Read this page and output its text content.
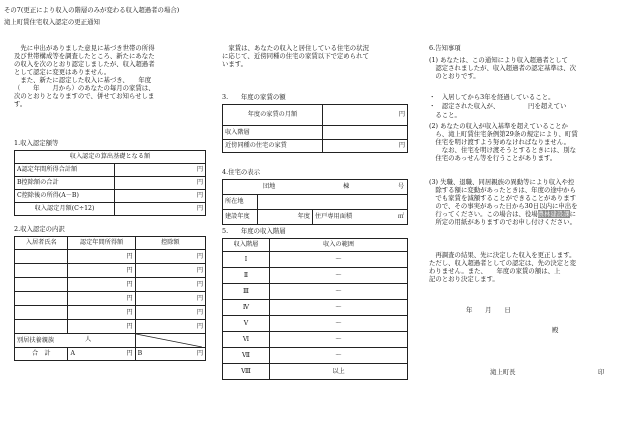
その7(更正により収入の階層のみが変わる収入超過者の場合)
滝上町賃住宅収入認定の更正通知
　先に申出がありました意見に基づき世帯の所得
及び世帯構成等を調査したところ、新たにあなた
の収入を次のとおり認定しましたが、収入超過者
として認定に変更はありません。
　また、新たに認定した収入に基づき、　　年度
（　　年　　月から）のあなたの毎月の家賃は、
次のとおりとなりますので、併せてお知らせしま
す。
1.収入認定額等
収入認定の算出基礎となる額	
A認定年間所得合計額	円
B控除額の合計	円
C控除後の所得(A－B)	円
収入認定月額(C÷12)	円
2.収入認定の内訳
入居者氏名	認定年間所得額	控除額
	円	円
	円	円
	円	円
	円	円
	円	円
	円	円
別居扶養親族 人

合　計	A 円	B 円
　家賃は、あなたの収入と居住している住宅の状況
に応じて、近傍同種の住宅の家賃以下で定められて
います。
3.　　年度の家賃の額
年度の家賃の月額	円
収入階層	
近傍同種の住宅の家賃	円
4.住宅の表示
団地 棟 号		

所在地		
建設年度	年度	住戸専用面積 ㎡
5.　　年度の収入階層
収入階層	収入の範囲
Ⅰ	～
Ⅱ	～
Ⅲ	～
Ⅳ	～
Ⅴ	～
Ⅵ	～
Ⅶ	～
Ⅷ	以上
6.告知事項
(1) あなたは、この通知により収入超過者として
　認定されましたが、収入超過者の認定基準は、次
　のとおりです。
・　入居してから3年を経過していること。
・　認定された収入が、　　　　　円を超えてい
　ること。
(2) あなたの収入が収入基準を超えていることか
　ら、滝上町賃住宅条例第29条の規定により、町賃
　住宅を明け渡すよう努めなければなりません。
　　なお、住宅を明け渡そうとするときには、別な
　住宅のあっせん等を行うことがあります。
(3) 失職、退職、同居親族の異動等により収入や控
　除する額に変動があったときは、年度の途中から
　でも家賃を減額することができることがあります
　ので、その事実があった日から30日以内に申出を
　行ってください。この場合は、役場農林建設課に
　所定の用紙がありますのでお申し付けください。
　再調査の結果、先に決定した収入を更正します。
ただし、収入超過者としての認定は、先の決定と変
わりません。また、　　年度の家賃の額は、上
記のとおり決定します。
年　　月　　日
殿
滝上町長	印
